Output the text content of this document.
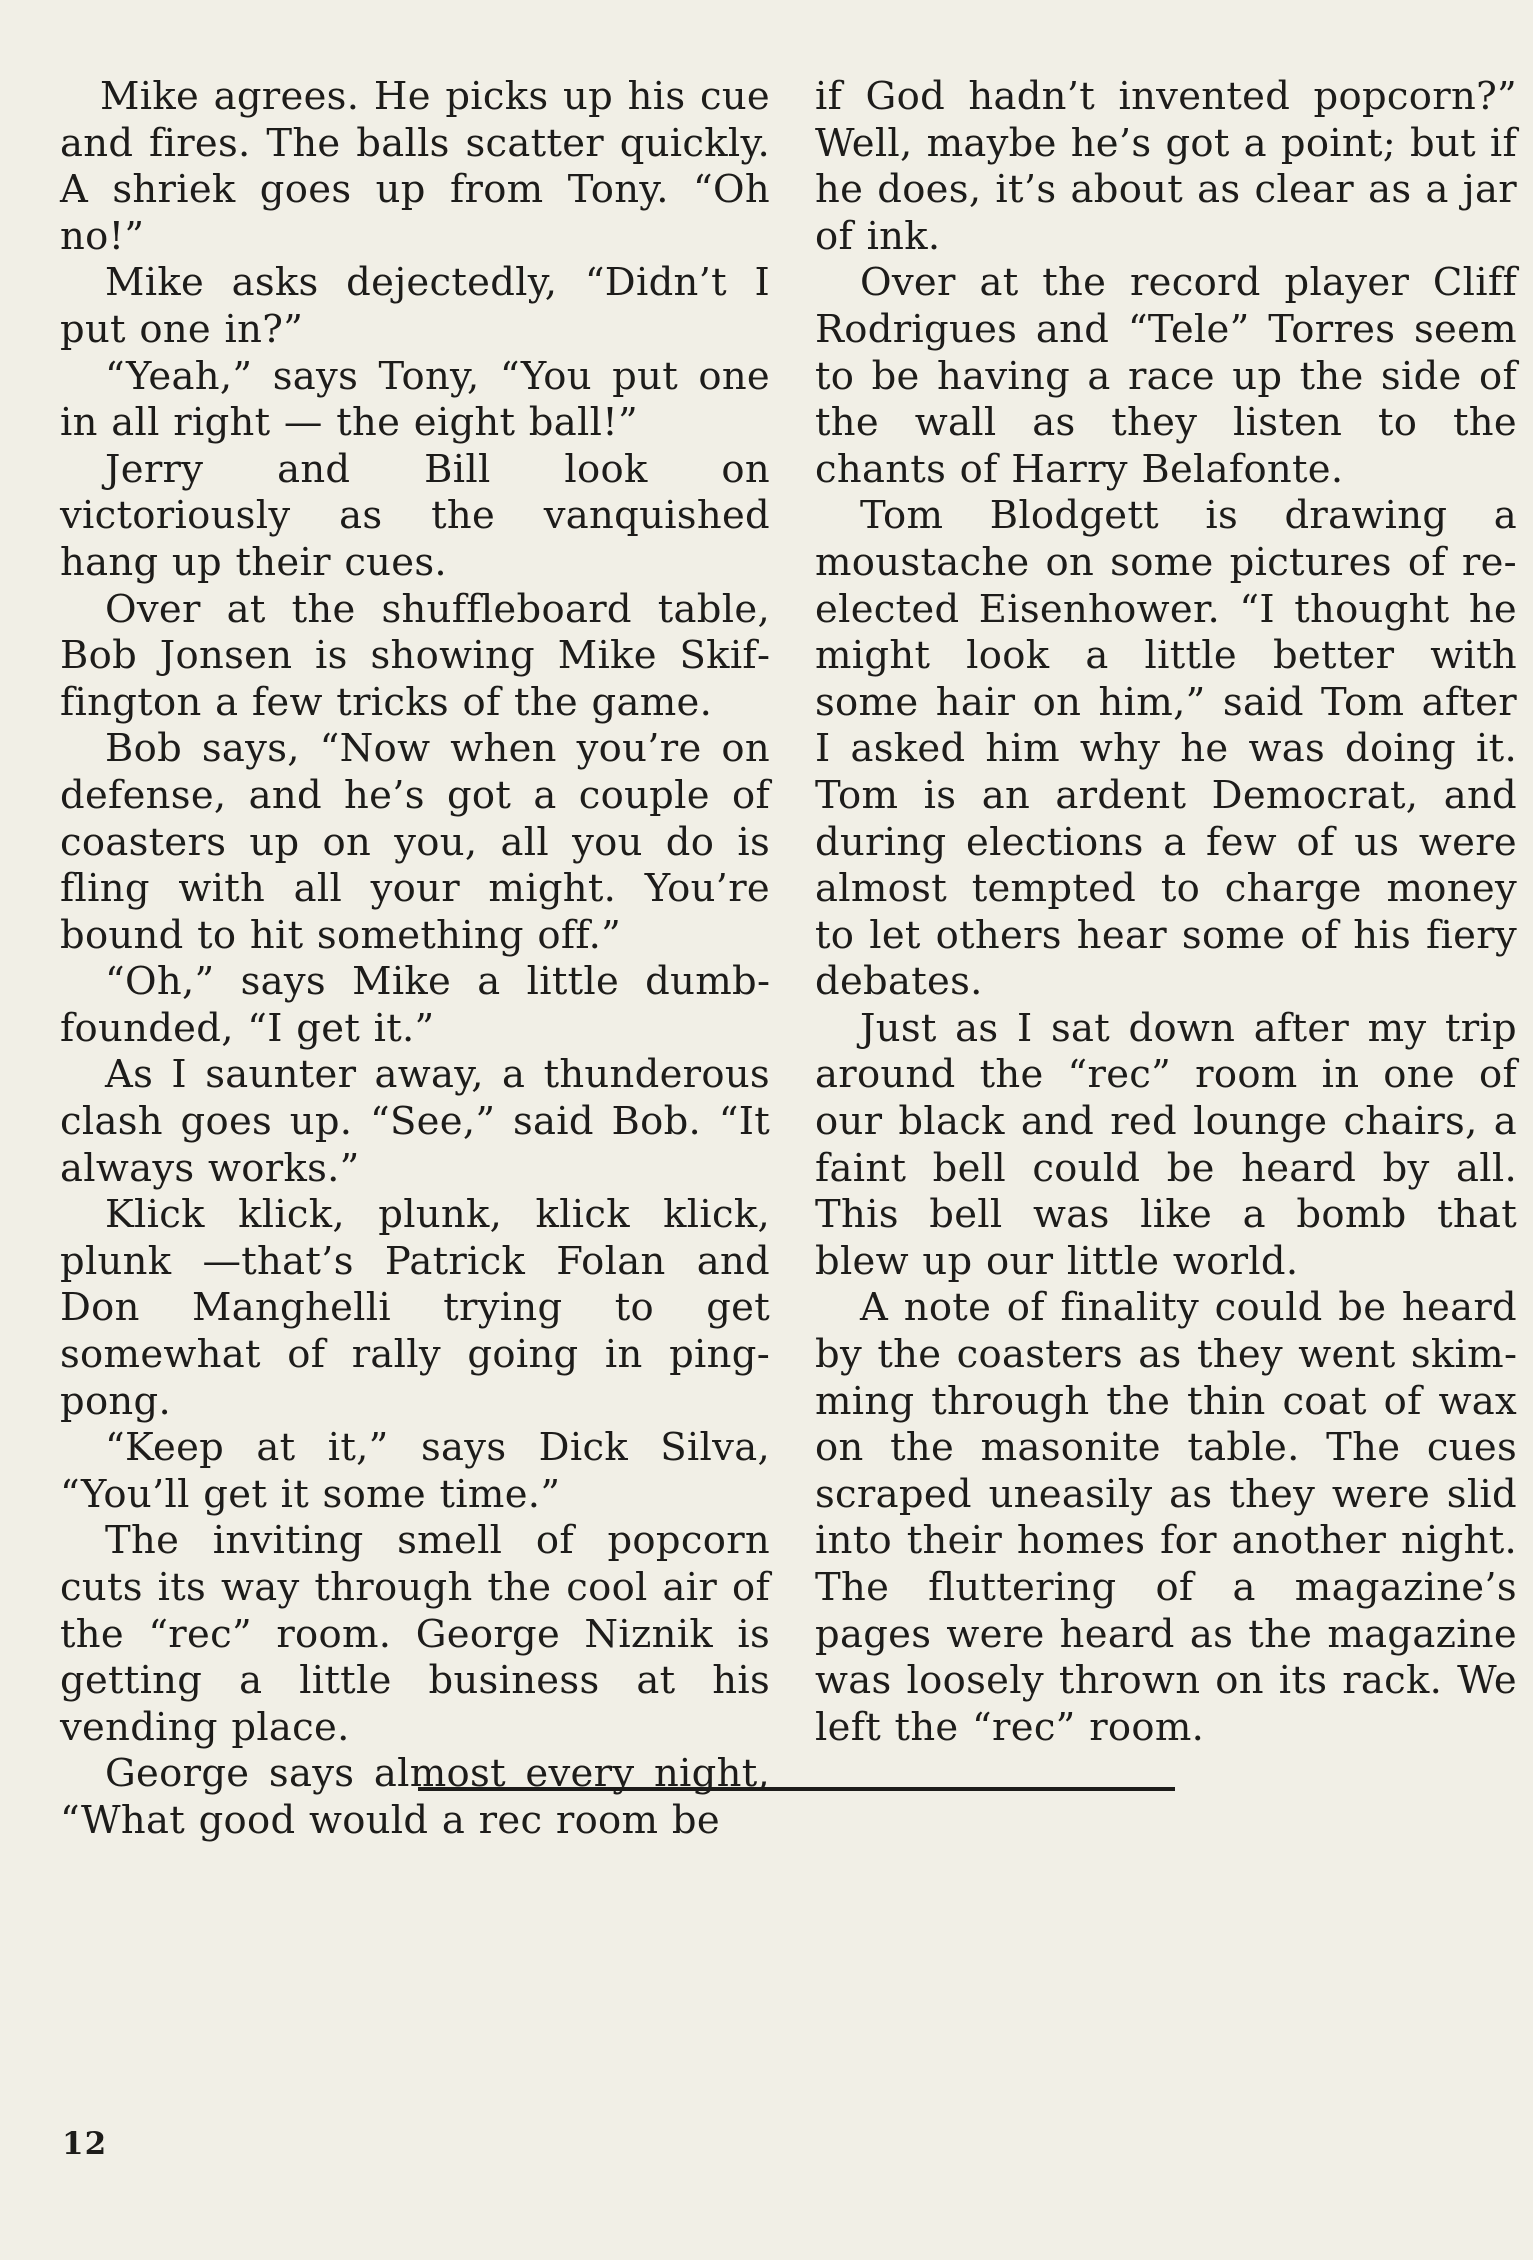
Mike agrees. He picks up his cue and fires. The balls scatter quickly. A shriek goes up from Tony. “Oh no!”

Mike asks dejectedly, “Didn’t I put one in?”

“Yeah,” says Tony, “You put one in all right — the eight ball!”

Jerry and Bill look on victoriously as the vanquished hang up their cues.

Over at the shuffleboard table, Bob Jonsen is showing Mike Skiffington a few tricks of the game.

Bob says, “Now when you’re on defense, and he’s got a couple of coasters up on you, all you do is fling with all your might. You’re bound to hit something off.”

“Oh,” says Mike a little dumbfounded, “I get it.”

As I saunter away, a thunderous clash goes up. “See,” said Bob. “It always works.”

Klick klick, plunk, klick klick, plunk —that’s Patrick Folan and Don Manghelli trying to get somewhat of rally going in ping-pong.

“Keep at it,” says Dick Silva, “You’ll get it some time.”

The inviting smell of popcorn cuts its way through the cool air of the “rec” room. George Niznik is getting a little business at his vending place.

George says almost every night, “What good would a rec room be

if God hadn’t invented popcorn?” Well, maybe he’s got a point; but if he does, it’s about as clear as a jar of ink.

Over at the record player Cliff Rodrigues and “Tele” Torres seem to be having a race up the side of the wall as they listen to the chants of Harry Belafonte.

Tom Blodgett is drawing a moustache on some pictures of re-elected Eisenhower. “I thought he might look a little better with some hair on him,” said Tom after I asked him why he was doing it. Tom is an ardent Democrat, and during elections a few of us were almost tempted to charge money to let others hear some of his fiery debates.

Just as I sat down after my trip around the “rec” room in one of our black and red lounge chairs, a faint bell could be heard by all. This bell was like a bomb that blew up our little world.

A note of finality could be heard by the coasters as they went skimming through the thin coat of wax on the masonite table. The cues scraped uneasily as they were slid into their homes for another night. The fluttering of a magazine’s pages were heard as the magazine was loosely thrown on its rack. We left the “rec” room.

12
